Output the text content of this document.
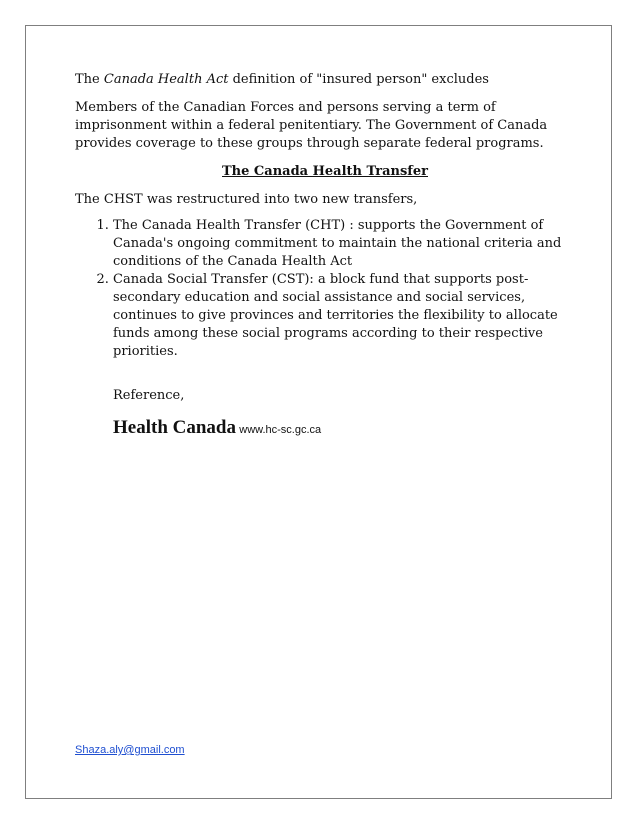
The Canada Health Act definition of "insured person" excludes

Members of the Canadian Forces and persons serving a term of imprisonment within a federal penitentiary. The Government of Canada provides coverage to these groups through separate federal programs.

The Canada Health Transfer

The CHST was restructured into two new transfers,

1. The Canada Health Transfer (CHT) : supports the Government of Canada's ongoing commitment to maintain the national criteria and conditions of the Canada Health Act
2. Canada Social Transfer (CST): a block fund that supports post-secondary education and social assistance and social services, continues to give provinces and territories the flexibility to allocate funds among these social programs according to their respective priorities.

Reference,

Health Canada www.hc-sc.gc.ca

Shaza.aly@gmail.com
